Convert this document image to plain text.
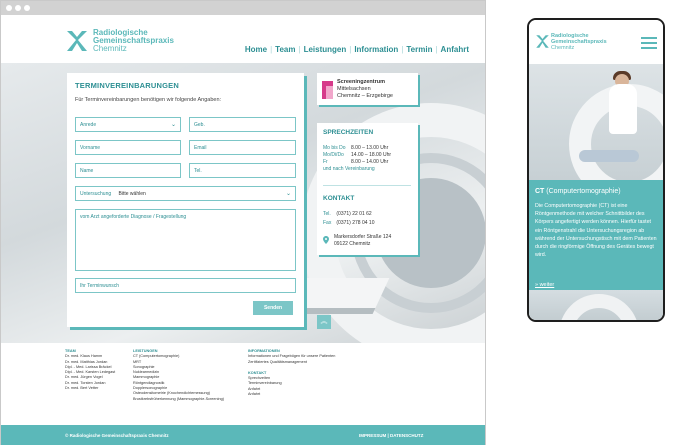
Radiologische
Gemeinschaftspraxis
Chemnitz	Home | Team | Leistungen | Information | Termin | Anfahrt
TERMINVEREINBARUNGEN
Für Terminvereinbarungen benötigen wir folgende Angaben:
Anrede	⌄	Geb.
Vorname	Email
Name	Tel.
Untersuchung Bitte wählen	⌄
vom Arzt angeforderte Diagnose / Fragestellung
Ihr Terminwunsch
Senden
Screeningzentrum
Mittelsachsen
Chemnitz – Erzgebirge
SPRECHZEITEN
Mo bis Do	8.00 – 13.00 Uhr
Mo/Di/Do	14.00 – 18.00 Uhr
Fr	8.00 – 14.00 Uhr
und nach Vereinbarung
KONTAKT
Tel. (0371) 22 01 62
Fax (0371) 278 04 10
Markersdorfer Straße 124
09122 Chemnitz
︽
TEAM
Dr. med. Klaus Hamm
Dr. med. Matthias Jordan
Dipl. - Med. Larissa Bräckel
Dipl. - Med. Karsten Ledegast
Dr. med. Jürgen Vogel
Dr. med. Torsten Jordan
Dr. med. Bert Vetter
LEISTUNGEN
CT (Computertomographie)
MRT
Sonographie
Nuklearmedizin
Mammographie
Röntgendiagnostik
Dopplersonographie
Osteodensitometrie (Knochendichtemessung)
Brustkrebsfrüherkennung (Mammographie-Screening)
INFORMATIONEN
Informationen und Fragebögen für unsere Patienten
Zertifiziertes Qualitätsmanagement
KONTAKT
Sprechzeiten
Terminvereinbarung
Anfahrt
Anfahrt
© Radiologische Gemeinschaftspraxis Chemnitz	IMPRESSUM | DATENSCHUTZ
Radiologische
Gemeinschaftspraxis
Chemnitz
CT (Computertomographie)
Die Computertomographie (CT) ist eine Röntgenmethode mit welcher Schnittbilder des Körpers angefertigt werden können. Hierfür tastet ein Röntgenstrahl die Untersuchungsregion ab während der Untersuchungstisch mit dem Patienten durch die ringförmige Öffnung des Gerätes bewegt wird.
» weiter
